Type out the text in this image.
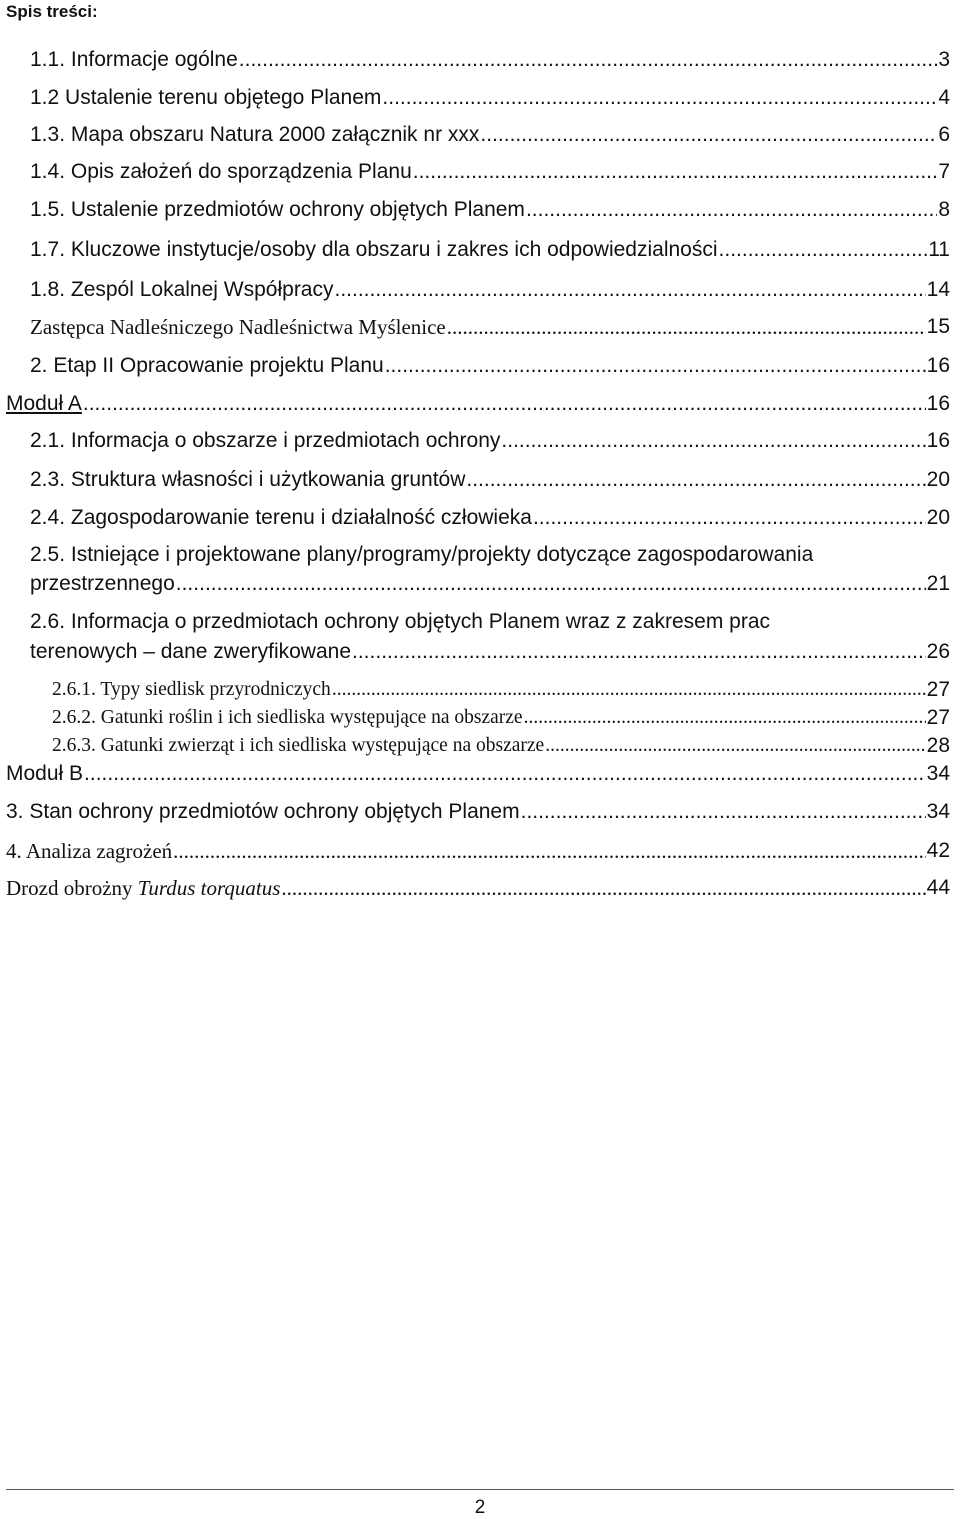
Spis treści:
1.1. Informacje ogólne .....	3
1.2 Ustalenie terenu objętego Planem .....	4
1.3. Mapa obszaru Natura 2000 załącznik nr xxx .....	6
1.4. Opis założeń do sporządzenia Planu .....	7
1.5. Ustalenie przedmiotów ochrony objętych Planem .....	8
1.7. Kluczowe instytucje/osoby dla obszaru i zakres ich odpowiedzialności .....	11
1.8. Zespól Lokalnej Współpracy .....	14
Zastępca Nadleśniczego Nadleśnictwa Myślenice .....	15
2. Etap II Opracowanie projektu Planu .....	16
Moduł A .....	16
2.1. Informacja o obszarze i przedmiotach ochrony .....	16
2.3. Struktura własności i użytkowania gruntów .....	20
2.4. Zagospodarowanie terenu i działalność człowieka .....	20
2.5. Istniejące i projektowane plany/programy/projekty dotyczące zagospodarowania
przestrzennego .....	21
2.6. Informacja o przedmiotach ochrony objętych Planem wraz z zakresem prac
terenowych – dane zweryfikowane .....	26
2.6.1. Typy siedlisk przyrodniczych .....	27
2.6.2. Gatunki roślin i ich siedliska występujące na obszarze .....	27
2.6.3. Gatunki zwierząt i ich siedliska występujące na obszarze .....	28
Moduł B .....	34
3. Stan ochrony przedmiotów ochrony objętych Planem .....	34
4. Analiza zagrożeń .....	42
Drozd obrożny Turdus torquatus .....	44
2
